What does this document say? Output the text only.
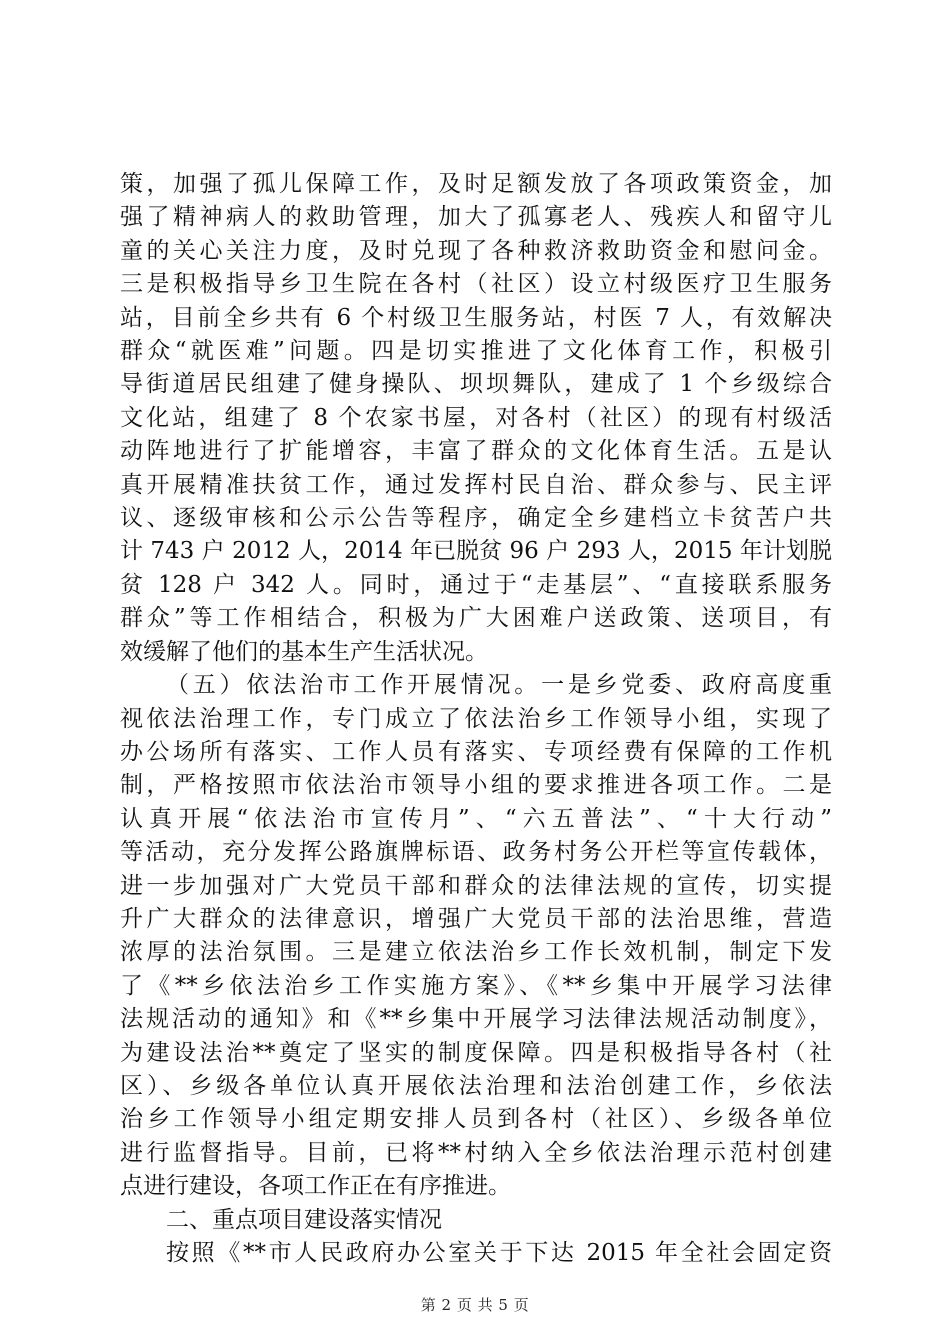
策，加强了孤儿保障工作，及时足额发放了各项政策资金，加
强了精神病人的救助管理，加大了孤寡老人、残疾人和留守儿
童的关心关注力度，及时兑现了各种救济救助资金和慰问金。
三是积极指导乡卫生院在各村（社区）设立村级医疗卫生服务
站，目前全乡共有 6 个村级卫生服务站，村医 7 人，有效解决
群众“就医难”问题。四是切实推进了文化体育工作，积极引
导街道居民组建了健身操队、坝坝舞队，建成了 1 个乡级综合
文化站，组建了 8 个农家书屋，对各村（社区）的现有村级活
动阵地进行了扩能增容，丰富了群众的文化体育生活。五是认
真开展精准扶贫工作，通过发挥村民自治、群众参与、民主评
议、逐级审核和公示公告等程序，确定全乡建档立卡贫苦户共
计 743 户 2012 人，2014 年已脱贫 96 户 293 人，2015 年计划脱
贫 128 户 342 人。同时，通过于“走基层”、“直接联系服务
群众”等工作相结合，积极为广大困难户送政策、送项目，有
效缓解了他们的基本生产生活状况。
（五）依法治市工作开展情况。一是乡党委、政府高度重
视依法治理工作，专门成立了依法治乡工作领导小组，实现了
办公场所有落实、工作人员有落实、专项经费有保障的工作机
制，严格按照市依法治市领导小组的要求推进各项工作。二是
认真开展“依法治市宣传月”、“六五普法”、“十大行动”
等活动，充分发挥公路旗牌标语、政务村务公开栏等宣传载体，
进一步加强对广大党员干部和群众的法律法规的宣传，切实提
升广大群众的法律意识，增强广大党员干部的法治思维，营造
浓厚的法治氛围。三是建立依法治乡工作长效机制，制定下发
了《**乡依法治乡工作实施方案》、《**乡集中开展学习法律
法规活动的通知》和《**乡集中开展学习法律法规活动制度》，
为建设法治**奠定了坚实的制度保障。四是积极指导各村（社
区）、乡级各单位认真开展依法治理和法治创建工作，乡依法
治乡工作领导小组定期安排人员到各村（社区）、乡级各单位
进行监督指导。目前，已将**村纳入全乡依法治理示范村创建
点进行建设，各项工作正在有序推进。
二、重点项目建设落实情况
按照《**市人民政府办公室关于下达 2015 年全社会固定资
第 2 页 共 5 页
